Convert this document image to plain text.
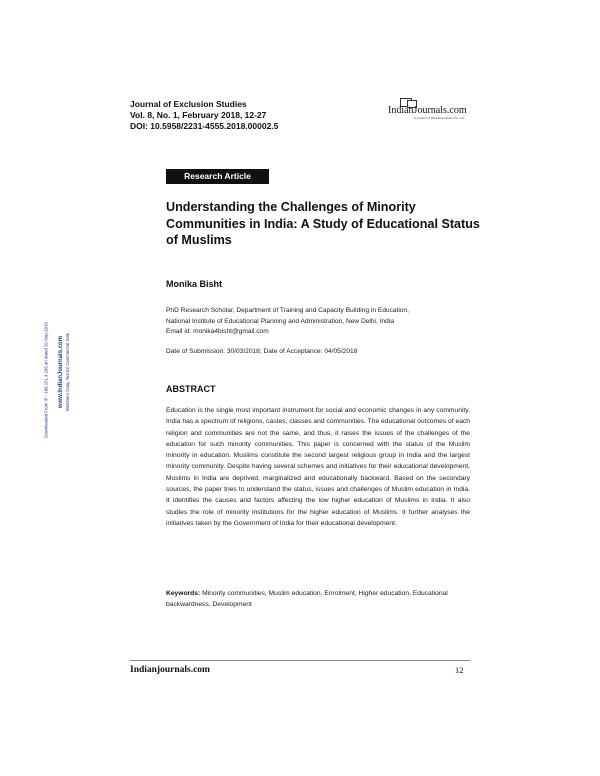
Journal of Exclusion Studies
Vol. 8, No. 1, February 2018, 12-27
DOI: 10.5958/2231-4555.2018.00002.5
IndianJournals.com
A product of Diva Enterprises Pvt. Ltd.
Research Article
Understanding the Challenges of Minority Communities in India: A Study of Educational Status of Muslims
Monika Bisht
PhD Research Scholar, Department of Training and Capacity Building in Education,
National Institute of Educational Planning and Administration, New Delhi, India
Email id: monika4bisht@gmail.com
Date of Submission: 30/03/2018; Date of Acceptance: 04/05/2018
ABSTRACT
Education is the single most important instrument for social and economic changes in any community. India has a spectrum of religions, castes, classes and communities. The educational outcomes of each religion and communities are not the same, and thus, it raises the issues of the challenges of the education for such minority communities. This paper is concerned with the status of the Muslim minority in education. Muslims constitute the second largest religious group in India and the largest minority community. Despite having several schemes and initiatives for their educational development, Muslims in India are deprived, marginalized and educationally backward. Based on the secondary sources, the paper tries to understand the status, issues and challenges of Muslim education in India. It identifies the causes and factors affecting the low higher education of Muslims in India. It also studies the role of minority institutions for the higher education of Muslims. It further analyses the initiatives taken by the Government of India for their educational development.
Keywords: Minority communities, Muslim education, Enrolment, Higher education, Educational backwardness, Development
Indianjournals.com	12
www.IndianJournals.com Members Copy, Not for Commercial Sale
Downloaded From IP - 180.151.4.165 on dated 15-Sep-2018
